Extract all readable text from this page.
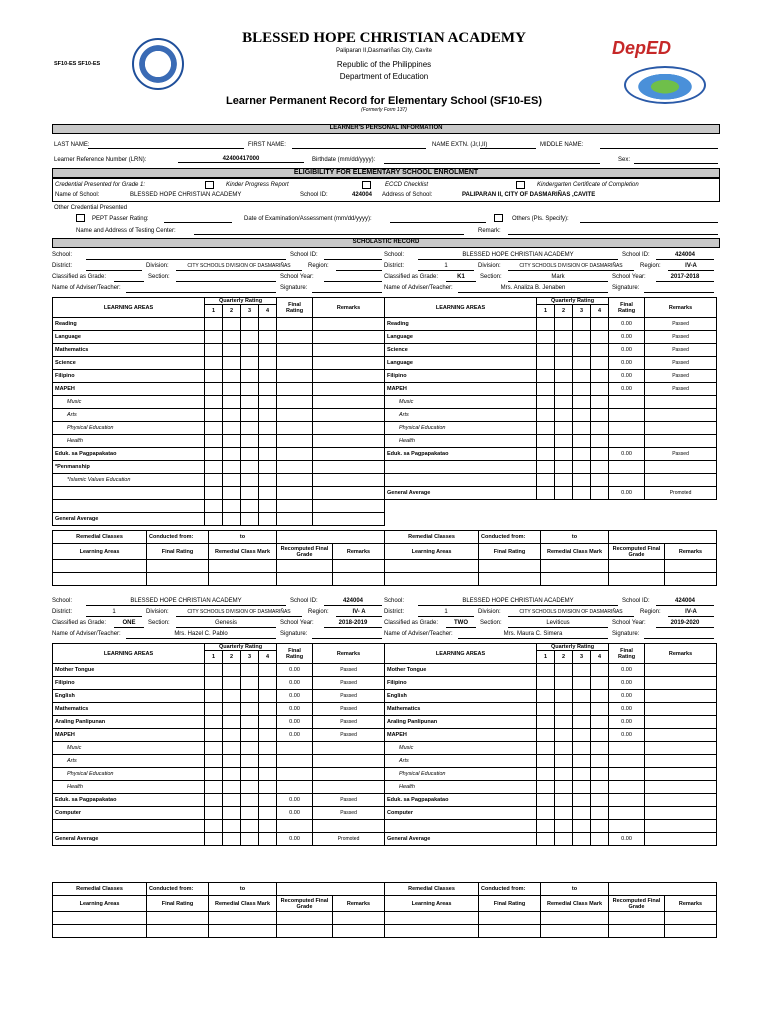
SF10-ES SF10-ES
BLESSED HOPE CHRISTIAN ACADEMY
Paliparan II,Dasmariñas City, Cavite
Republic of the Philippines
Department of Education
DepED
Learner Permanent Record for Elementary School (SF10-ES)
(Formerly Form 137)
LEARNER'S PERSONAL INFORMATION
LAST NAME:	FIRST NAME:	NAME EXTN. (Jr,I,II)	MIDDLE NAME:
Learner Reference Number (LRN):	42400417000	Birthdate (mm/dd/yyyy):	Sex:
ELIGIBILITY FOR ELEMENTARY SCHOOL ENROLMENT
Credential Presented for Grade 1:	Kinder Progress Report	ECCD Checklist	Kindergarten Certificate of Completion
Name of School:	BLESSED HOPE CHRISTIAN ACADEMY	School ID:	424004 Address of School:	PALIPARAN II, CITY OF DASMARIÑAS ,CAVITE
Other Credential Presented
PEPT Passer Rating:	Date of Examination/Assessment (mm/dd/yyyy):	Others (Pls. Specify):
Name and Address of Testing Center:	Remark:
SCHOLASTIC RECORD
School:	School ID:
District:	Division:	CITY SCHOOLS DIVISION OF DASMARIÑAS	Region:
Classified as Grade:	Section:	School Year:
Name of Adviser/Teacher:	Signature:
LEARNING AREAS	Quarterly Rating				Final Rating	Remarks
	1	2	3	4		
Reading						
Language						
Mathematics						
Science						
Filipino						
MAPEH						
Music						
Arts						
Physical Education						
Health						
Eduk. sa Pagpapakatao						
*Penmanship						
*Islamic Values Education						

General Average						
School:	BLESSED HOPE CHRISTIAN ACADEMY	School ID:	424004
District:	1	Division:	CITY SCHOOLS DIVISION OF DASMARIÑAS	Region:	IV-A
Classified as Grade:	K1	Section:	Mark	School Year:	2017-2018
Name of Adviser/Teacher:	Mrs. Analiza B. Jenaben	Signature:
LEARNING AREAS	Quarterly Rating				Final Rating	Remarks
	1	2	3	4		
Reading					0.00	Passed
Language					0.00	Passed
Science					0.00	Passed
Language					0.00	Passed
Filipino					0.00	Passed
MAPEH					0.00	Passed
Music						
Arts						
Physical Education						
Health						
Eduk. sa Pagpapakatao					0.00	Passed

General Average					0.00	Promoted
Remedial Classes	Conducted from:	to		
Learning Areas	Final Rating	Remedial Class Mark	Recomputed Final Grade	Remarks

Remedial Classes	Conducted from:	to		
Learning Areas	Final Rating	Remedial Class Mark	Recomputed Final Grade	Remarks

School:	BLESSED HOPE CHRISTIAN ACADEMY	School ID:	424004
District:	1	Division:	CITY SCHOOLS DIVISION OF DASMARIÑAS	Region:	IV- A
Classified as Grade:	ONE	Section:	Genesis	School Year:	2018-2019
Name of Adviser/Teacher:	Mrs. Hazel C. Pablo	Signature:
LEARNING AREAS	Quarterly Rating				Final Rating	Remarks
	1	2	3	4		
Mother Tongue					0.00	Passed
Filipino					0.00	Passed
English					0.00	Passed
Mathematics					0.00	Passed
Araling Panlipunan					0.00	Passed
MAPEH					0.00	Passed
Music						
Arts						
Physical Education						
Health						
Eduk. sa Pagpapakatao					0.00	Passed
Computer					0.00	Passed

General Average					0.00	Promoted
School:	BLESSED HOPE CHRISTIAN ACADEMY	School ID:	424004
District:	1	Division:	CITY SCHOOLS DIVISION OF DASMARIÑAS	Region:	IV-A
Classified as Grade:	TWO	Section:	Leviticus	School Year:	2019-2020
Name of Adviser/Teacher:	Mrs. Maura C. Simera	Signature:
LEARNING AREAS	Quarterly Rating				Final Rating	Remarks
	1	2	3	4		
Mother Tongue					0.00	
Filipino					0.00	
English					0.00	
Mathematics					0.00	
Araling Panlipunan					0.00	
MAPEH					0.00	
Music						
Arts						
Physical Education						
Health						
Eduk. sa Pagpapakatao						
Computer						

General Average					0.00	
Remedial Classes	Conducted from:	to		
Learning Areas	Final Rating	Remedial Class Mark	Recomputed Final Grade	Remarks

Remedial Classes	Conducted from:	to		
Learning Areas	Final Rating	Remedial Class Mark	Recomputed Final Grade	Remarks
